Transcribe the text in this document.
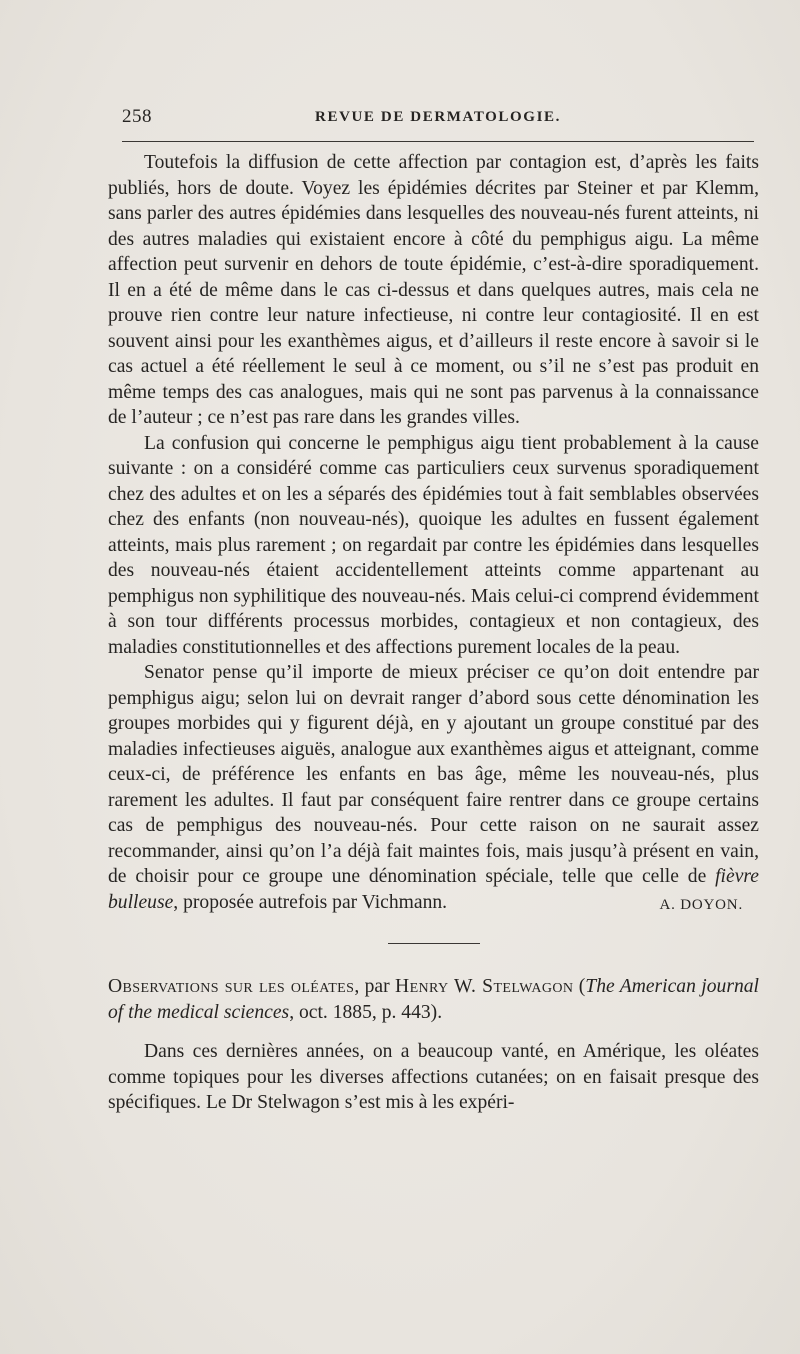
258	REVUE DE DERMATOLOGIE.

Toutefois la diffusion de cette affection par contagion est, d’après les faits publiés, hors de doute. Voyez les épidémies décrites par Steiner et par Klemm, sans parler des autres épidémies dans lesquelles des nouveau-nés furent atteints, ni des autres maladies qui existaient encore à côté du pemphigus aigu. La même affection peut survenir en dehors de toute épidémie, c’est-à-dire sporadiquement. Il en a été de même dans le cas ci-dessus et dans quelques autres, mais cela ne prouve rien contre leur nature infectieuse, ni contre leur contagiosité. Il en est souvent ainsi pour les exanthèmes aigus, et d’ailleurs il reste encore à savoir si le cas actuel a été réellement le seul à ce moment, ou s’il ne s’est pas produit en même temps des cas analogues, mais qui ne sont pas parvenus à la connaissance de l’auteur ; ce n’est pas rare dans les grandes villes.

La confusion qui concerne le pemphigus aigu tient probablement à la cause suivante : on a considéré comme cas particuliers ceux survenus sporadiquement chez des adultes et on les a séparés des épidémies tout à fait semblables observées chez des enfants (non nouveau-nés), quoique les adultes en fussent également atteints, mais plus rarement ; on regardait par contre les épidémies dans lesquelles des nouveau-nés étaient accidentellement atteints comme appartenant au pemphigus non syphilitique des nouveau-nés. Mais celui-ci comprend évidemment à son tour différents processus morbides, contagieux et non contagieux, des maladies constitutionnelles et des affections purement locales de la peau.

Senator pense qu’il importe de mieux préciser ce qu’on doit entendre par pemphigus aigu; selon lui on devrait ranger d’abord sous cette dénomination les groupes morbides qui y figurent déjà, en y ajoutant un groupe constitué par des maladies infectieuses aiguës, analogue aux exanthèmes aigus et atteignant, comme ceux-ci, de préférence les enfants en bas âge, même les nouveau-nés, plus rarement les adultes. Il faut par conséquent faire rentrer dans ce groupe certains cas de pemphigus des nouveau-nés. Pour cette raison on ne saurait assez recommander, ainsi qu’on l’a déjà fait maintes fois, mais jusqu’à présent en vain, de choisir pour ce groupe une dénomination spéciale, telle que celle de fièvre bulleuse, proposée autrefois par Vichmann.	A. DOYON.

Observations sur les oléates, par Henry W. Stelwagon (The American journal of the medical sciences, oct. 1885, p. 443).

Dans ces dernières années, on a beaucoup vanté, en Amérique, les oléates comme topiques pour les diverses affections cutanées; on en faisait presque des spécifiques. Le Dr Stelwagon s’est mis à les expéri-
